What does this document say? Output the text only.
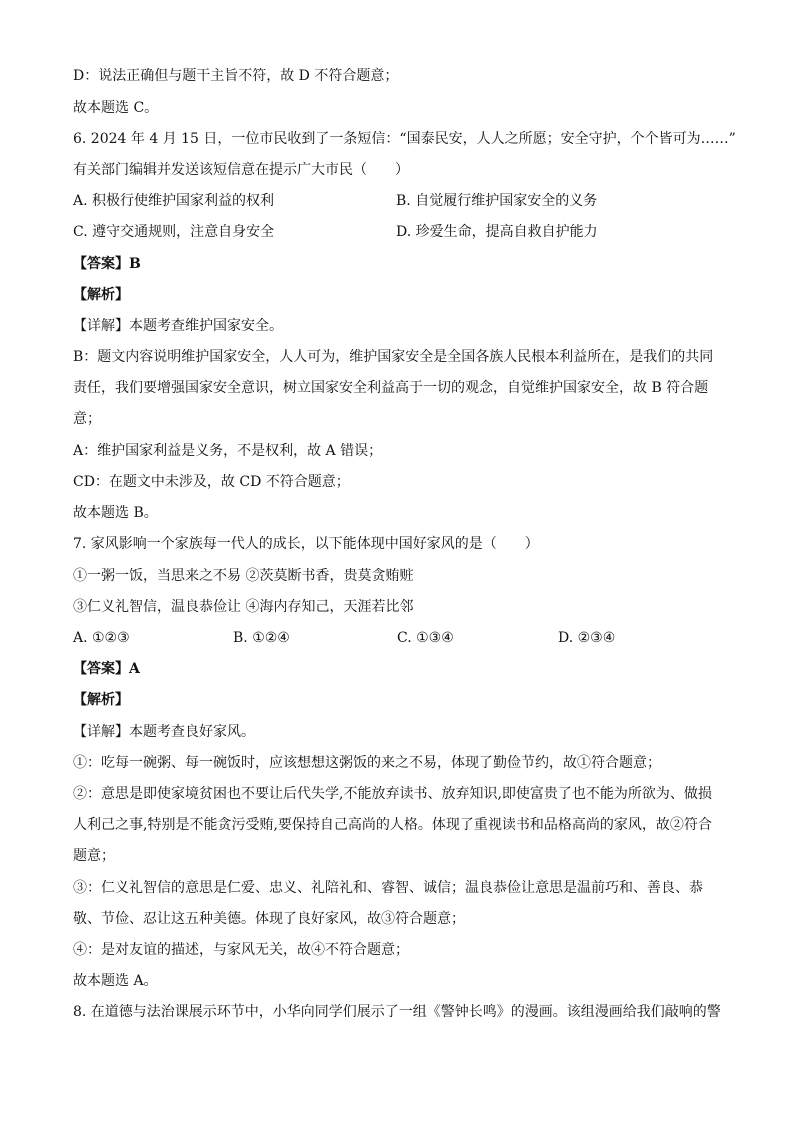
D：说法正确但与题干主旨不符，故 D 不符合题意；
故本题选 C。
6. 2024 年 4 月 15 日，一位市民收到了一条短信：“国泰民安，人人之所愿；安全守护，个个皆可为……”
有关部门编辑并发送该短信意在提示广大市民（　　）
A. 积极行使维护国家利益的权利	B. 自觉履行维护国家安全的义务
C. 遵守交通规则，注意自身安全	D. 珍爱生命，提高自救自护能力
【答案】B
【解析】
【详解】本题考查维护国家安全。
B：题文内容说明维护国家安全，人人可为，维护国家安全是全国各族人民根本利益所在，是我们的共同
责任，我们要增强国家安全意识，树立国家安全利益高于一切的观念，自觉维护国家安全，故 B 符合题
意；
A：维护国家利益是义务，不是权利，故 A 错误；
CD：在题文中未涉及，故 CD 不符合题意；
故本题选 B。
7. 家风影响一个家族每一代人的成长，以下能体现中国好家风的是（　　）
①一粥一饭，当思来之不易 ②茨莫断书香，贵莫贪贿赃
③仁义礼智信，温良恭俭让 ④海内存知己，天涯若比邻
A. ①②③	B. ①②④	C. ①③④	D. ②③④
【答案】A
【解析】
【详解】本题考查良好家风。
①：吃每一碗粥、每一碗饭时，应该想想这粥饭的来之不易，体现了勤俭节约，故①符合题意；
②：意思是即使家境贫困也不要让后代失学,不能放弃读书、放弃知识,即使富贵了也不能为所欲为、做损
人利己之事,特别是不能贪污受贿,要保持自己高尚的人格。体现了重视读书和品格高尚的家风，故②符合
题意；
③：仁义礼智信的意思是仁爱、忠义、礼陪礼和、睿智、诚信；温良恭俭让意思是温前巧和、善良、恭
敬、节俭、忍让这五种美德。体现了良好家风，故③符合题意；
④：是对友谊的描述，与家风无关，故④不符合题意；
故本题选 A。
8. 在道德与法治课展示环节中，小华向同学们展示了一组《警钟长鸣》的漫画。该组漫画给我们敲响的警
